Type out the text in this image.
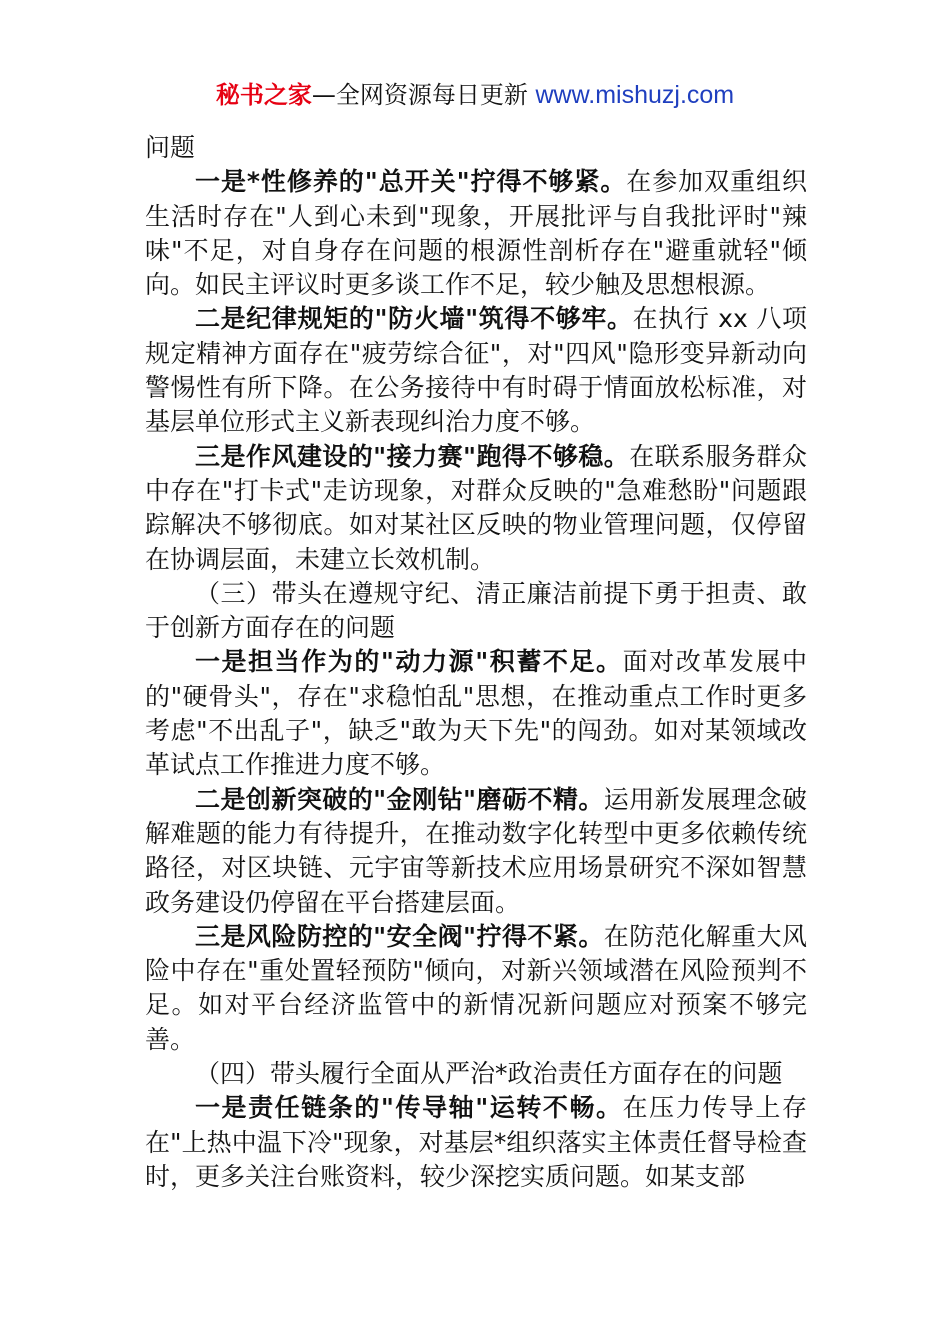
秘书之家—全网资源每日更新 www.mishuzj.com

问题

一是*性修养的"总开关"拧得不够紧。在参加双重组织生活时存在"人到心未到"现象，开展批评与自我批评时"辣味"不足，对自身存在问题的根源性剖析存在"避重就轻"倾向。如民主评议时更多谈工作不足，较少触及思想根源。

二是纪律规矩的"防火墙"筑得不够牢。在执行 xx 八项规定精神方面存在"疲劳综合征"，对"四风"隐形变异新动向警惕性有所下降。在公务接待中有时碍于情面放松标准，对基层单位形式主义新表现纠治力度不够。

三是作风建设的"接力赛"跑得不够稳。在联系服务群众中存在"打卡式"走访现象，对群众反映的"急难愁盼"问题跟踪解决不够彻底。如对某社区反映的物业管理问题，仅停留在协调层面，未建立长效机制。

（三）带头在遵规守纪、清正廉洁前提下勇于担责、敢于创新方面存在的问题

一是担当作为的"动力源"积蓄不足。面对改革发展中的"硬骨头"，存在"求稳怕乱"思想，在推动重点工作时更多考虑"不出乱子"，缺乏"敢为天下先"的闯劲。如对某领域改革试点工作推进力度不够。

二是创新突破的"金刚钻"磨砺不精。运用新发展理念破解难题的能力有待提升，在推动数字化转型中更多依赖传统路径，对区块链、元宇宙等新技术应用场景研究不深如智慧政务建设仍停留在平台搭建层面。

三是风险防控的"安全阀"拧得不紧。在防范化解重大风险中存在"重处置轻预防"倾向，对新兴领域潜在风险预判不足。如对平台经济监管中的新情况新问题应对预案不够完善。

（四）带头履行全面从严治*政治责任方面存在的问题

一是责任链条的"传导轴"运转不畅。在压力传导上存在"上热中温下冷"现象，对基层*组织落实主体责任督导检查时，更多关注台账资料，较少深挖实质问题。如某支部
